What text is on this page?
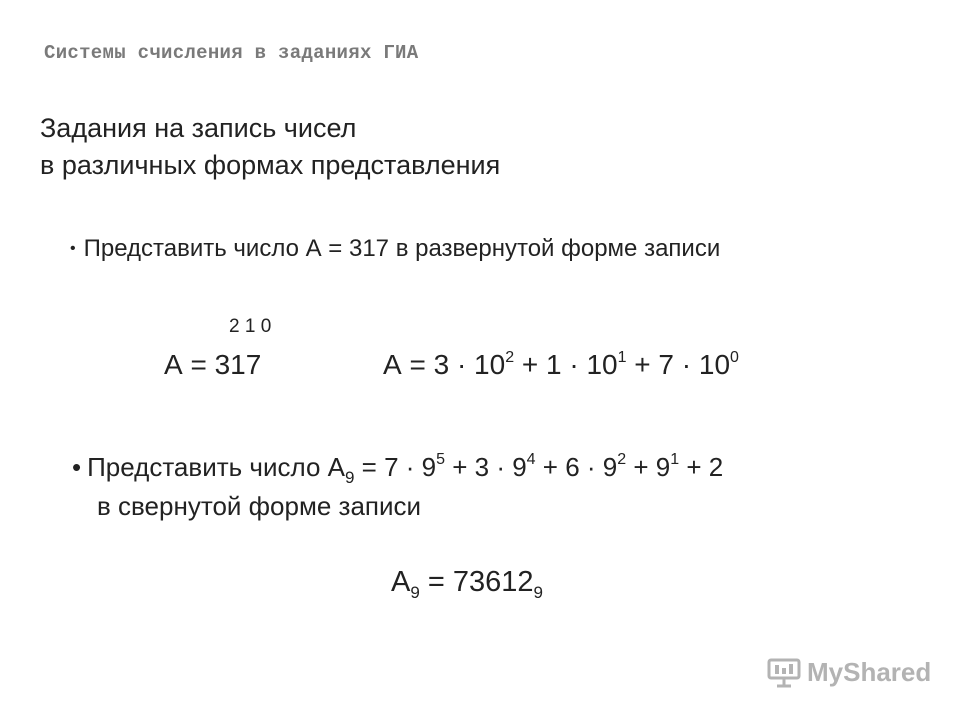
Системы счисления в заданиях ГИА
Задания на запись чисел
в различных формах представления
• Представить число А = 317 в развернутой форме записи
2 1 0
А = 317	$А = 3 \cdot 10^2 + 1 \cdot 10^1 + 7 \cdot 10^0$
• Представить число $А_9 = 7 \cdot 9^5 + 3 \cdot 9^4 + 6 \cdot 9^2 + 9^1 + 2$
в свернутой форме записи
$А_9 = 73612_9$
MyShared
